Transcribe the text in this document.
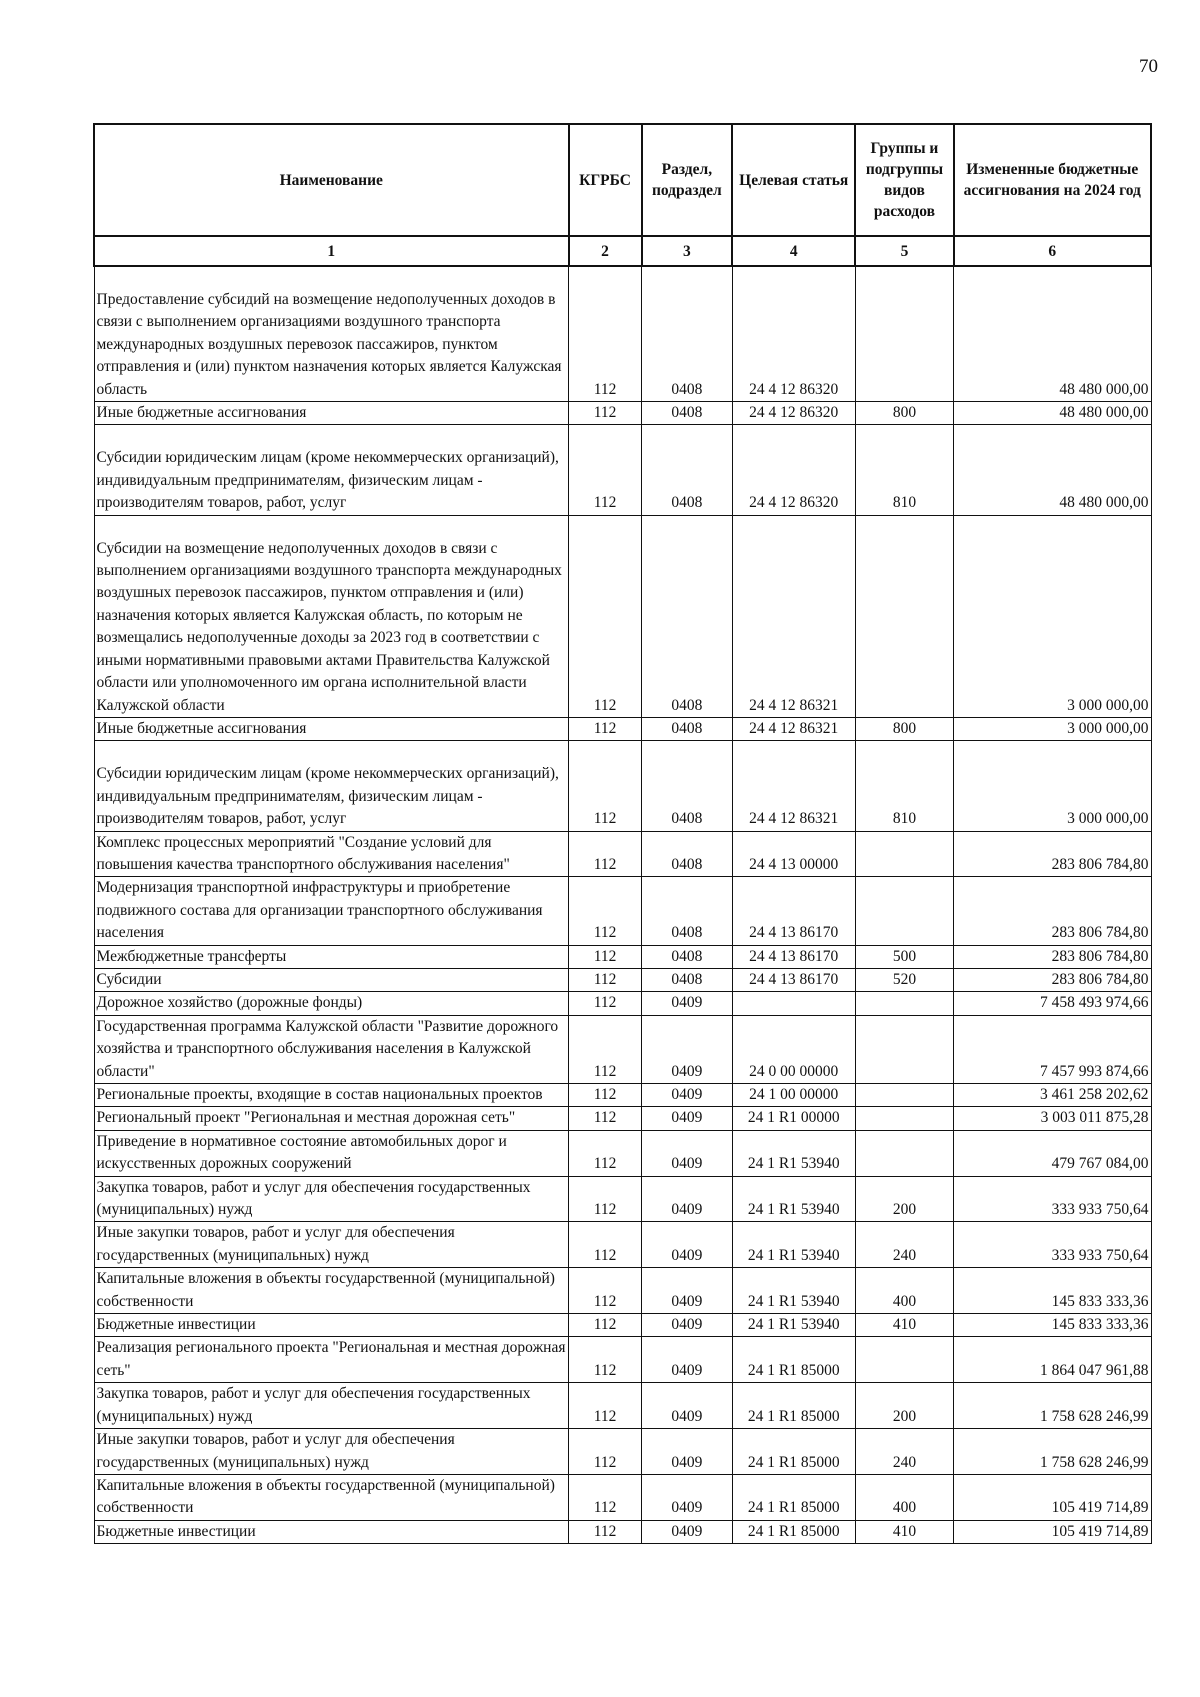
70
Наименование	КГРБС	Раздел, подраздел	Целевая статья	Группы и подгруппы видов расходов	Измененные бюджетные ассигнования на 2024 год
1	2	3	4	5	6
Предоставление субсидий на возмещение недополученных доходов в связи с выполнением организациями воздушного транспорта международных воздушных перевозок пассажиров, пунктом отправления и (или) пунктом назначения которых является Калужская область	112	0408	24 4 12 86320		48 480 000,00
Иные бюджетные ассигнования	112	0408	24 4 12 86320	800	48 480 000,00
Субсидии юридическим лицам (кроме некоммерческих организаций), индивидуальным предпринимателям, физическим лицам - производителям товаров, работ, услуг	112	0408	24 4 12 86320	810	48 480 000,00
Субсидии на возмещение недополученных доходов в связи с выполнением организациями воздушного транспорта международных воздушных перевозок пассажиров, пунктом отправления и (или) назначения которых является Калужская область, по которым не возмещались недополученные доходы за 2023 год в соответствии с иными нормативными правовыми актами Правительства Калужской области или уполномоченного им органа исполнительной власти Калужской области	112	0408	24 4 12 86321		3 000 000,00
Иные бюджетные ассигнования	112	0408	24 4 12 86321	800	3 000 000,00
Субсидии юридическим лицам (кроме некоммерческих организаций), индивидуальным предпринимателям, физическим лицам - производителям товаров, работ, услуг	112	0408	24 4 12 86321	810	3 000 000,00
Комплекс процессных мероприятий "Создание условий для повышения качества транспортного обслуживания населения"	112	0408	24 4 13 00000		283 806 784,80
Модернизация транспортной инфраструктуры и приобретение подвижного состава для организации транспортного обслуживания населения	112	0408	24 4 13 86170		283 806 784,80
Межбюджетные трансферты	112	0408	24 4 13 86170	500	283 806 784,80
Субсидии	112	0408	24 4 13 86170	520	283 806 784,80
Дорожное хозяйство (дорожные фонды)	112	0409			7 458 493 974,66
Государственная программа Калужской области "Развитие дорожного хозяйства и транспортного обслуживания населения в Калужской области"	112	0409	24 0 00 00000		7 457 993 874,66
Региональные проекты, входящие в состав национальных проектов	112	0409	24 1 00 00000		3 461 258 202,62
Региональный проект "Региональная и местная дорожная сеть"	112	0409	24 1 R1 00000		3 003 011 875,28
Приведение в нормативное состояние автомобильных дорог и искусственных дорожных сооружений	112	0409	24 1 R1 53940		479 767 084,00
Закупка товаров, работ и услуг для обеспечения государственных (муниципальных) нужд	112	0409	24 1 R1 53940	200	333 933 750,64
Иные закупки товаров, работ и услуг для обеспечения государственных (муниципальных) нужд	112	0409	24 1 R1 53940	240	333 933 750,64
Капитальные вложения в объекты государственной (муниципальной) собственности	112	0409	24 1 R1 53940	400	145 833 333,36
Бюджетные инвестиции	112	0409	24 1 R1 53940	410	145 833 333,36
Реализация регионального проекта "Региональная и местная дорожная сеть"	112	0409	24 1 R1 85000		1 864 047 961,88
Закупка товаров, работ и услуг для обеспечения государственных (муниципальных) нужд	112	0409	24 1 R1 85000	200	1 758 628 246,99
Иные закупки товаров, работ и услуг для обеспечения государственных (муниципальных) нужд	112	0409	24 1 R1 85000	240	1 758 628 246,99
Капитальные вложения в объекты государственной (муниципальной) собственности	112	0409	24 1 R1 85000	400	105 419 714,89
Бюджетные инвестиции	112	0409	24 1 R1 85000	410	105 419 714,89
